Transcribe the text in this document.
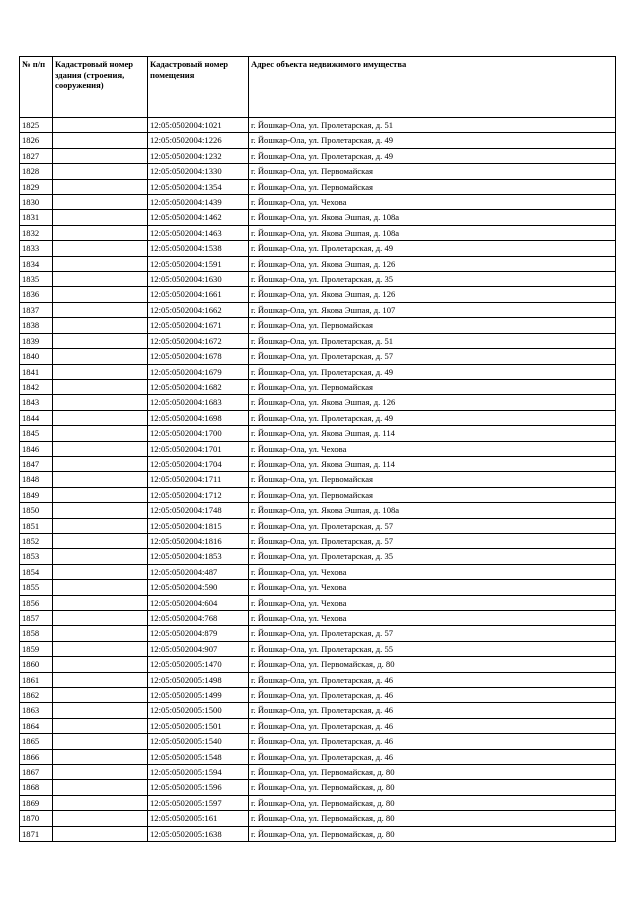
№ п/п	Кадастровый номер здания (строения, сооружения)	Кадастровый номер помещения	Адрес объекта недвижимого имущества
1825		12:05:0502004:1021	г. Йошкар-Ола, ул. Пролетарская, д. 51
1826		12:05:0502004:1226	г. Йошкар-Ола, ул. Пролетарская, д. 49
1827		12:05:0502004:1232	г. Йошкар-Ола, ул. Пролетарская, д. 49
1828		12:05:0502004:1330	г. Йошкар-Ола, ул. Первомайская
1829		12:05:0502004:1354	г. Йошкар-Ола, ул. Первомайская
1830		12:05:0502004:1439	г. Йошкар-Ола, ул. Чехова
1831		12:05:0502004:1462	г. Йошкар-Ола, ул. Якова Эшпая, д. 108а
1832		12:05:0502004:1463	г. Йошкар-Ола, ул. Якова Эшпая, д. 108а
1833		12:05:0502004:1538	г. Йошкар-Ола, ул. Пролетарская, д. 49
1834		12:05:0502004:1591	г. Йошкар-Ола, ул. Якова Эшпая, д. 126
1835		12:05:0502004:1630	г. Йошкар-Ола, ул. Пролетарская, д. 35
1836		12:05:0502004:1661	г. Йошкар-Ола, ул. Якова Эшпая, д. 126
1837		12:05:0502004:1662	г. Йошкар-Ола, ул. Якова Эшпая, д. 107
1838		12:05:0502004:1671	г. Йошкар-Ола, ул. Первомайская
1839		12:05:0502004:1672	г. Йошкар-Ола, ул. Пролетарская, д. 51
1840		12:05:0502004:1678	г. Йошкар-Ола, ул. Пролетарская, д. 57
1841		12:05:0502004:1679	г. Йошкар-Ола, ул. Пролетарская, д. 49
1842		12:05:0502004:1682	г. Йошкар-Ола, ул. Первомайская
1843		12:05:0502004:1683	г. Йошкар-Ола, ул. Якова Эшпая, д. 126
1844		12:05:0502004:1698	г. Йошкар-Ола, ул. Пролетарская, д. 49
1845		12:05:0502004:1700	г. Йошкар-Ола, ул. Якова Эшпая, д. 114
1846		12:05:0502004:1701	г. Йошкар-Ола, ул. Чехова
1847		12:05:0502004:1704	г. Йошкар-Ола, ул. Якова Эшпая, д. 114
1848		12:05:0502004:1711	г. Йошкар-Ола, ул. Первомайская
1849		12:05:0502004:1712	г. Йошкар-Ола, ул. Первомайская
1850		12:05:0502004:1748	г. Йошкар-Ола, ул. Якова Эшпая, д. 108а
1851		12:05:0502004:1815	г. Йошкар-Ола, ул. Пролетарская, д. 57
1852		12:05:0502004:1816	г. Йошкар-Ола, ул. Пролетарская, д. 57
1853		12:05:0502004:1853	г. Йошкар-Ола, ул. Пролетарская, д. 35
1854		12:05:0502004:487	г. Йошкар-Ола, ул. Чехова
1855		12:05:0502004:590	г. Йошкар-Ола, ул. Чехова
1856		12:05:0502004:604	г. Йошкар-Ола, ул. Чехова
1857		12:05:0502004:768	г. Йошкар-Ола, ул. Чехова
1858		12:05:0502004:879	г. Йошкар-Ола, ул. Пролетарская, д. 57
1859		12:05:0502004:907	г. Йошкар-Ола, ул. Пролетарская, д. 55
1860		12:05:0502005:1470	г. Йошкар-Ола, ул. Первомайская, д. 80
1861		12:05:0502005:1498	г. Йошкар-Ола, ул. Пролетарская, д. 46
1862		12:05:0502005:1499	г. Йошкар-Ола, ул. Пролетарская, д. 46
1863		12:05:0502005:1500	г. Йошкар-Ола, ул. Пролетарская, д. 46
1864		12:05:0502005:1501	г. Йошкар-Ола, ул. Пролетарская, д. 46
1865		12:05:0502005:1540	г. Йошкар-Ола, ул. Пролетарская, д. 46
1866		12:05:0502005:1548	г. Йошкар-Ола, ул. Пролетарская, д. 46
1867		12:05:0502005:1594	г. Йошкар-Ола, ул. Первомайская, д. 80
1868		12:05:0502005:1596	г. Йошкар-Ола, ул. Первомайская, д. 80
1869		12:05:0502005:1597	г. Йошкар-Ола, ул. Первомайская, д. 80
1870		12:05:0502005:161	г. Йошкар-Ола, ул. Первомайская, д. 80
1871		12:05:0502005:1638	г. Йошкар-Ола, ул. Первомайская, д. 80
